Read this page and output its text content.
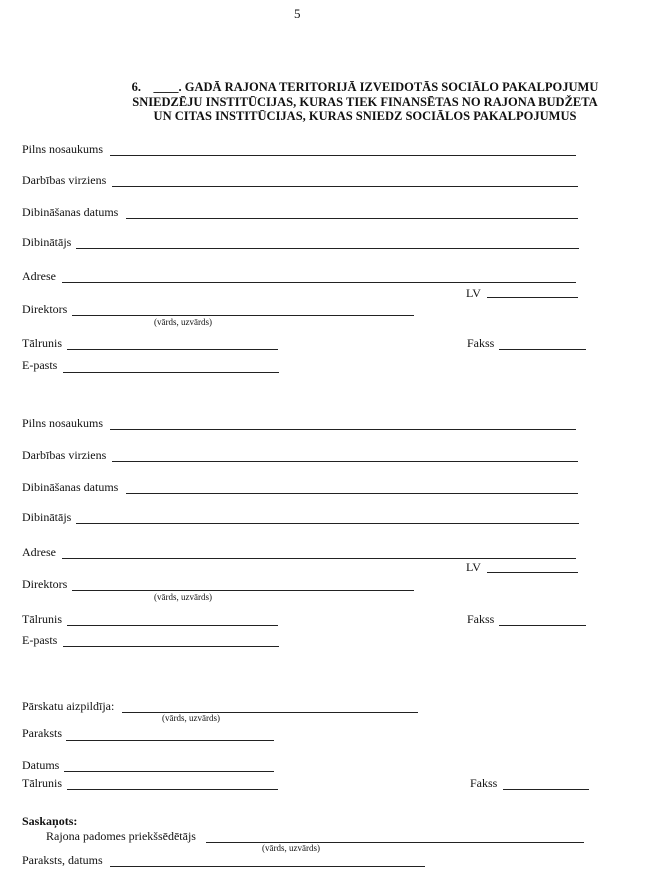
5
6. ____. GADĀ RAJONA TERITORIJĀ IZVEIDOTĀS SOCIĀLO PAKALPOJUMU
SNIEDZĒJU INSTITŪCIJAS, KURAS TIEK FINANSĒTAS NO RAJONA BUDŽETA
UN CITAS INSTITŪCIJAS, KURAS SNIEDZ SOCIĀLOS PAKALPOJUMUS
Pilns nosaukums
Darbības virziens
Dibināšanas datums
Dibinātājs
Adrese
LV
Direktors
(vārds, uzvārds)
Tālrunis	Fakss
E-pasts
Pilns nosaukums
Darbības virziens
Dibināšanas datums
Dibinātājs
Adrese
LV
Direktors
(vārds, uzvārds)
Tālrunis	Fakss
E-pasts
Pārskatu aizpildīja:
(vārds, uzvārds)
Paraksts
Datums
Tālrunis	Fakss
Saskaņots:
Rajona padomes priekšsēdētājs
(vārds, uzvārds)
Paraksts, datums
